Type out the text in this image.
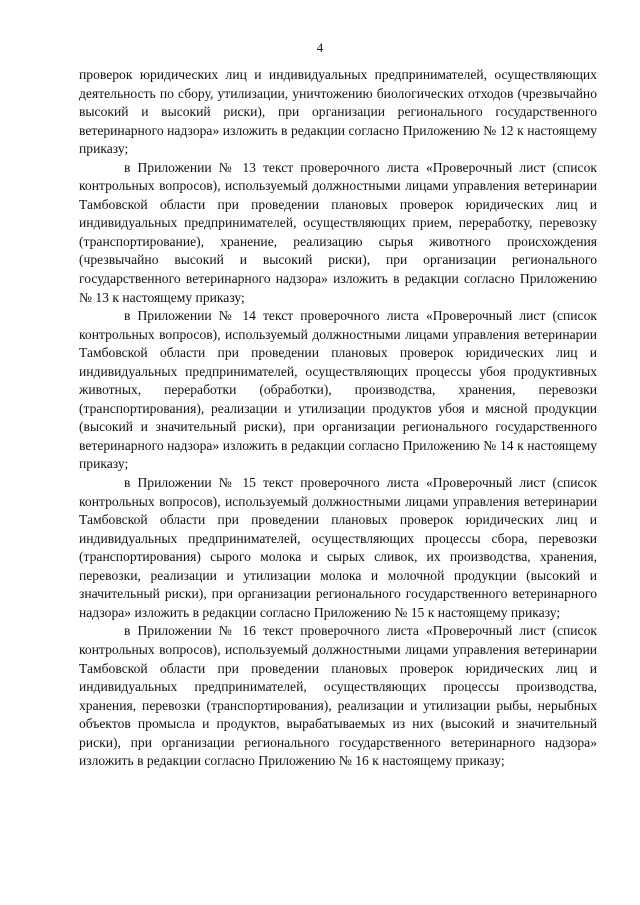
4

проверок юридических лиц и индивидуальных предпринимателей, осуществляющих деятельность по сбору, утилизации, уничтожению биологических отходов (чрезвычайно высокий и высокий риски), при организации регионального государственного ветеринарного надзора» изложить в редакции согласно Приложению № 12 к настоящему приказу;

в Приложении № 13 текст проверочного листа «Проверочный лист (список контрольных вопросов), используемый должностными лицами управления ветеринарии Тамбовской области при проведении плановых проверок юридических лиц и индивидуальных предпринимателей, осуществляющих прием, переработку, перевозку (транспортирование), хранение, реализацию сырья животного происхождения (чрезвычайно высокий и высокий риски), при организации регионального государственного ветеринарного надзора» изложить в редакции согласно Приложению № 13 к настоящему приказу;

в Приложении № 14 текст проверочного листа «Проверочный лист (список контрольных вопросов), используемый должностными лицами управления ветеринарии Тамбовской области при проведении плановых проверок юридических лиц и индивидуальных предпринимателей, осуществляющих процессы убоя продуктивных животных, переработки (обработки), производства, хранения, перевозки (транспортирования), реализации и утилизации продуктов убоя и мясной продукции (высокий и значительный риски), при организации регионального государственного ветеринарного надзора» изложить в редакции согласно Приложению № 14 к настоящему приказу;

в Приложении № 15 текст проверочного листа «Проверочный лист (список контрольных вопросов), используемый должностными лицами управления ветеринарии Тамбовской области при проведении плановых проверок юридических лиц и индивидуальных предпринимателей, осуществляющих процессы сбора, перевозки (транспортирования) сырого молока и сырых сливок, их производства, хранения, перевозки, реализации и утилизации молока и молочной продукции (высокий и значительный риски), при организации регионального государственного ветеринарного надзора» изложить в редакции согласно Приложению № 15 к настоящему приказу;

в Приложении № 16 текст проверочного листа «Проверочный лист (список контрольных вопросов), используемый должностными лицами управления ветеринарии Тамбовской области при проведении плановых проверок юридических лиц и индивидуальных предпринимателей, осуществляющих процессы производства, хранения, перевозки (транспортирования), реализации и утилизации рыбы, нерыбных объектов промысла и продуктов, вырабатываемых из них (высокий и значительный риски), при организации регионального государственного ветеринарного надзора» изложить в редакции согласно Приложению № 16 к настоящему приказу;
